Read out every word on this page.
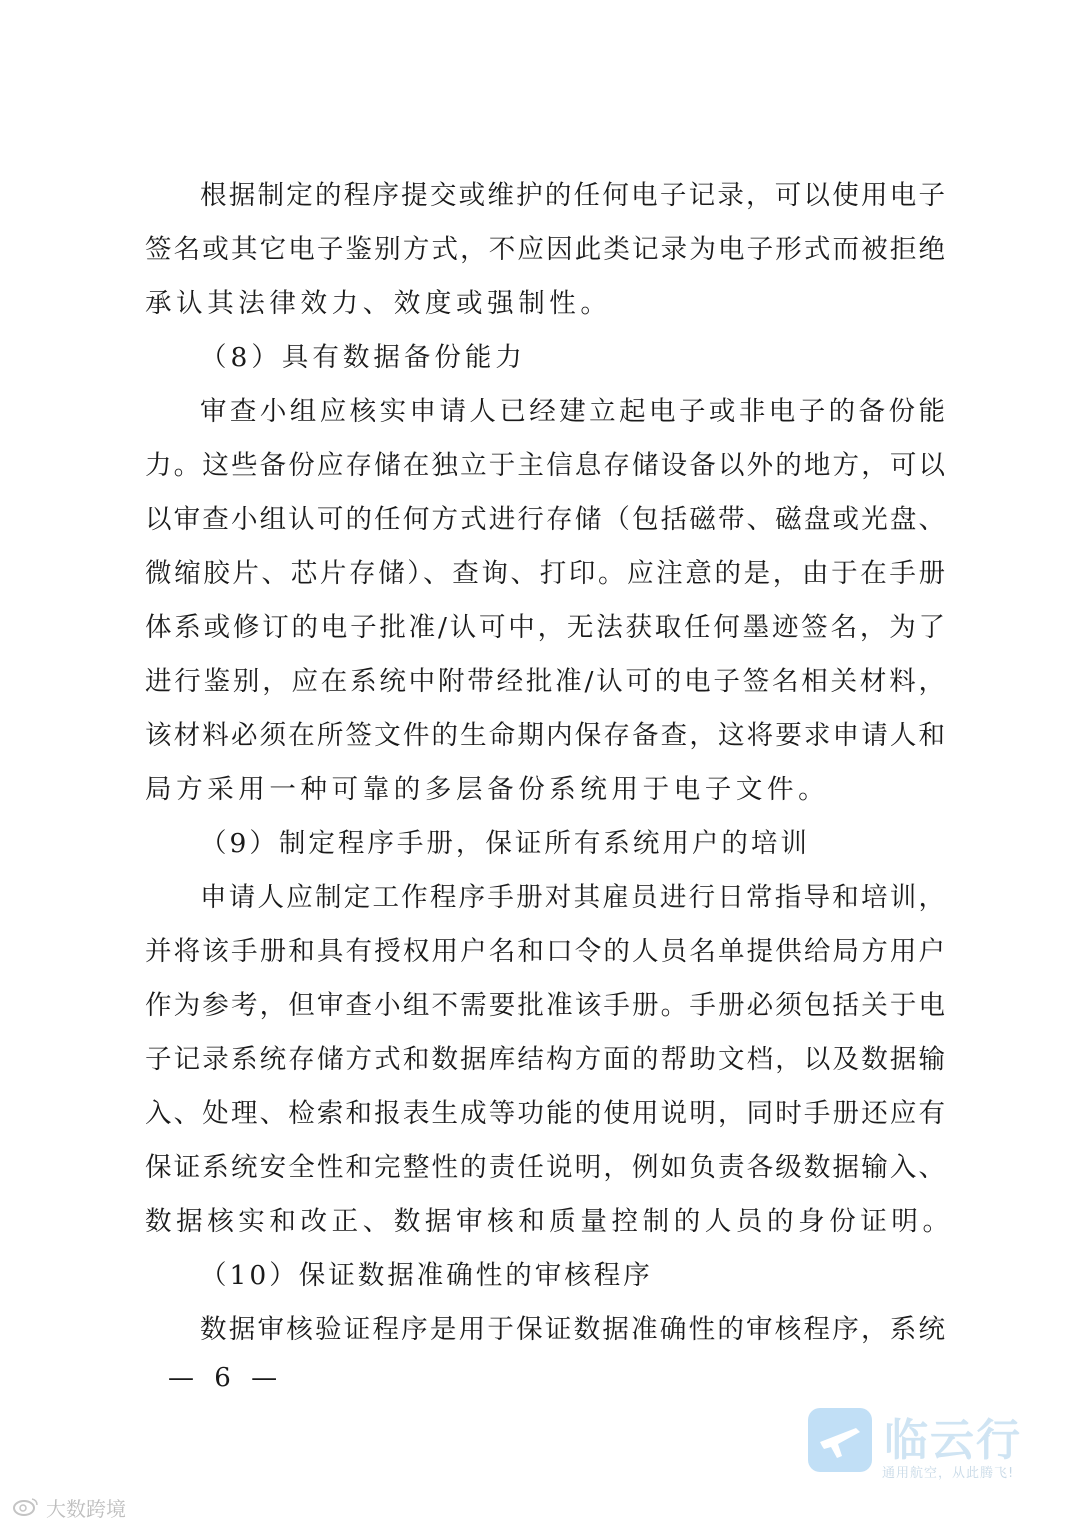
根据制定的程序提交或维护的任何电子记录，可以使用电子
签名或其它电子鉴别方式，不应因此类记录为电子形式而被拒绝
承认其法律效力、效度或强制性。
（8）具有数据备份能力
审查小组应核实申请人已经建立起电子或非电子的备份能
力。这些备份应存储在独立于主信息存储设备以外的地方，可以
以审查小组认可的任何方式进行存储（包括磁带、磁盘或光盘、
微缩胶片、芯片存储）、查询、打印。应注意的是，由于在手册
体系或修订的电子批准/认可中，无法获取任何墨迹签名，为了
进行鉴别，应在系统中附带经批准/认可的电子签名相关材料，
该材料必须在所签文件的生命期内保存备查，这将要求申请人和
局方采用一种可靠的多层备份系统用于电子文件。
（9）制定程序手册，保证所有系统用户的培训
申请人应制定工作程序手册对其雇员进行日常指导和培训，
并将该手册和具有授权用户名和口令的人员名单提供给局方用户
作为参考，但审查小组不需要批准该手册。手册必须包括关于电
子记录系统存储方式和数据库结构方面的帮助文档，以及数据输
入、处理、检索和报表生成等功能的使用说明，同时手册还应有
保证系统安全性和完整性的责任说明，例如负责各级数据输入、
数据核实和改正、数据审核和质量控制的人员的身份证明。
（10）保证数据准确性的审核程序
数据审核验证程序是用于保证数据准确性的审核程序，系统
— 6 —
临云行
通用航空，从此腾飞!
大数跨境
